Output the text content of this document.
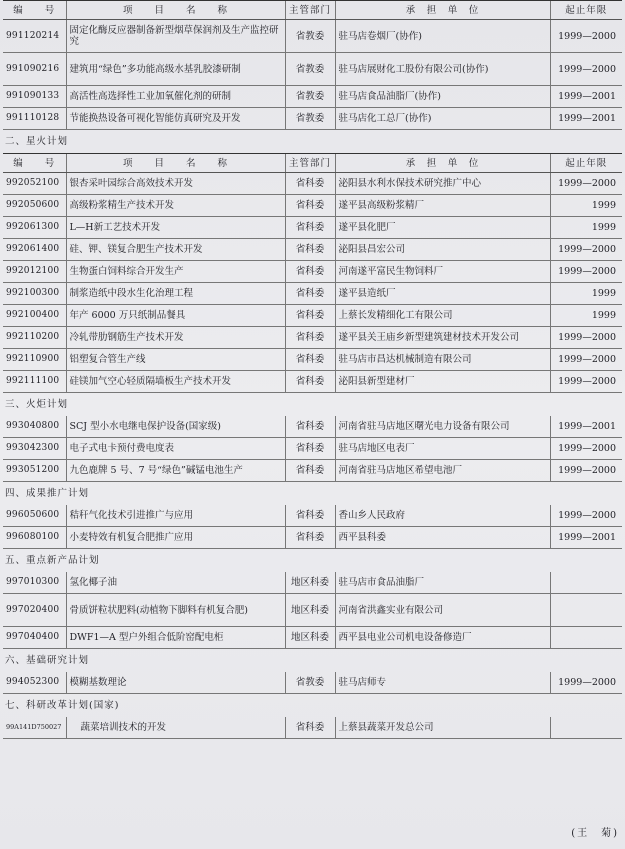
编　　号	项　　目　　名　　称	主管部门	承　担　单　位	起止年限
991120214	固定化酶反应器制备新型烟草保润剂及生产监控研究	省教委	驻马店卷烟厂(协作)	1999—2000
991090216	建筑用“绿色”多功能高级水基乳胶漆研制	省教委	驻马店展财化工股份有限公司(协作)	1999—2000
991090133	高活性高选择性工业加氧催化剂的研制	省教委	驻马店食品油脂厂(协作)	1999—2001
991110128	节能换热设备可视化智能仿真研究及开发	省教委	驻马店化工总厂(协作)	1999—2001
二、星火计划				
编　　号	项　　目　　名　　称	主管部门	承　担　单　位	起止年限
992052100	银杏采叶园综合高效技术开发	省科委	泌阳县水利水保技术研究推广中心	1999—2000
992050600	高级粉浆精生产技术开发	省科委	遂平县高级粉浆精厂	1999
992061300	L—H新工艺技术开发	省科委	遂平县化肥厂	1999
992061400	硅、钾、镁复合肥生产技术开发	省科委	泌阳县昌宏公司	1999—2000
992012100	生物蛋白饲料综合开发生产	省科委	河南遂平富民生物饲料厂	1999—2000
992100300	制浆造纸中段水生化治理工程	省科委	遂平县造纸厂	1999
992100400	年产 6000 万只纸制品餐具	省科委	上蔡长发精细化工有限公司	1999
992110200	冷轧带肋钢筋生产技术开发	省科委	遂平县关王庙乡新型建筑建材技术开发公司	1999—2000
992110900	铝塑复合管生产线	省科委	驻马店市昌达机械制造有限公司	1999—2000
992111100	硅镁加气空心轻质隔墙板生产技术开发	省科委	泌阳县新型建材厂	1999—2000
三、火炬计划				
993040800	SCJ 型小水电继电保护设备(国家级)	省科委	河南省驻马店地区曙光电力设备有限公司	1999—2001
993042300	电子式电卡预付费电度表	省科委	驻马店地区电表厂	1999—2000
993051200	九色鹿牌 5 号、7 号“绿色”碱锰电池生产	省科委	河南省驻马店地区希望电池厂	1999—2000
四、成果推广计划				
996050600	秸秆气化技术引进推广与应用	省科委	香山乡人民政府	1999—2000
996080100	小麦特效有机复合肥推广应用	省科委	西平县科委	1999—2001
五、重点新产品计划				
997010300	氢化椰子油	地区科委	驻马店市食品油脂厂	
997020400	骨质饼粒状肥料(动植物下脚料有机复合肥)	地区科委	河南省洪鑫实业有限公司	
997040400	DWF1—A 型户外组合低阶窑配电柜	地区科委	西平县电业公司机电设备修造厂	
六、基础研究计划				
994052300	模糊基数理论	省教委	驻马店师专	1999—2000
七、科研改革计划(国家)				
99A141D750027	蔬菜培训技术的开发	省科委	上蔡县蔬菜开发总公司	
(王　菊)
